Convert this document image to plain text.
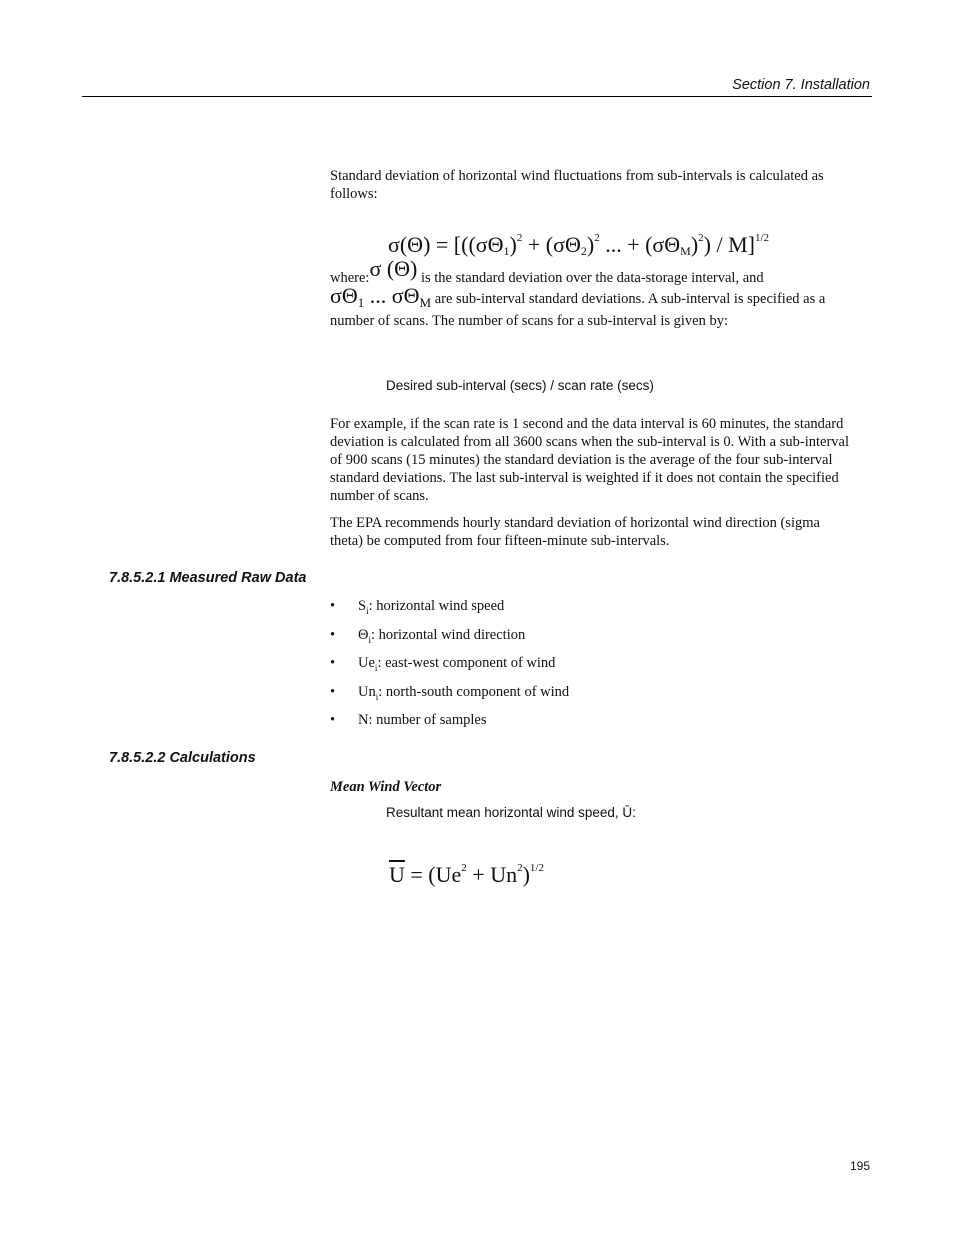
Section 7. Installation
Standard deviation of horizontal wind fluctuations from sub-intervals is calculated as follows:
$\sigma(\Theta) = [((\sigma\Theta_1)^2 + (\sigma\Theta_2)^2$ ... + $(\sigma\Theta_M)^2) / M]^{1/2}$
where:σ (Θ) is the standard deviation over the data-storage interval, and
$\sigma\Theta_1$ ... $\sigma\Theta_M$ are sub-interval standard deviations. A sub-interval is specified as a number of scans. The number of scans for a sub-interval is given by:
Desired sub-interval (secs) / scan rate (secs)
For example, if the scan rate is 1 second and the data interval is 60 minutes, the standard deviation is calculated from all 3600 scans when the sub-interval is 0. With a sub-interval of 900 scans (15 minutes) the standard deviation is the average of the four sub-interval standard deviations. The last sub-interval is weighted if it does not contain the specified number of scans.
The EPA recommends hourly standard deviation of horizontal wind direction (sigma theta) be computed from four fifteen-minute sub-intervals.
7.8.5.2.1 Measured Raw Data
•	$S_i$: horizontal wind speed
•	$\Theta_i$: horizontal wind direction
•	$Ue_i$: east-west component of wind
•	$Un_i$: north-south component of wind
•	N: number of samples
7.8.5.2.2 Calculations
Mean Wind Vector
Resultant mean horizontal wind speed, Ū:
$\overline{U} = (Ue^2 + Un^2)^{1/2}$
195
